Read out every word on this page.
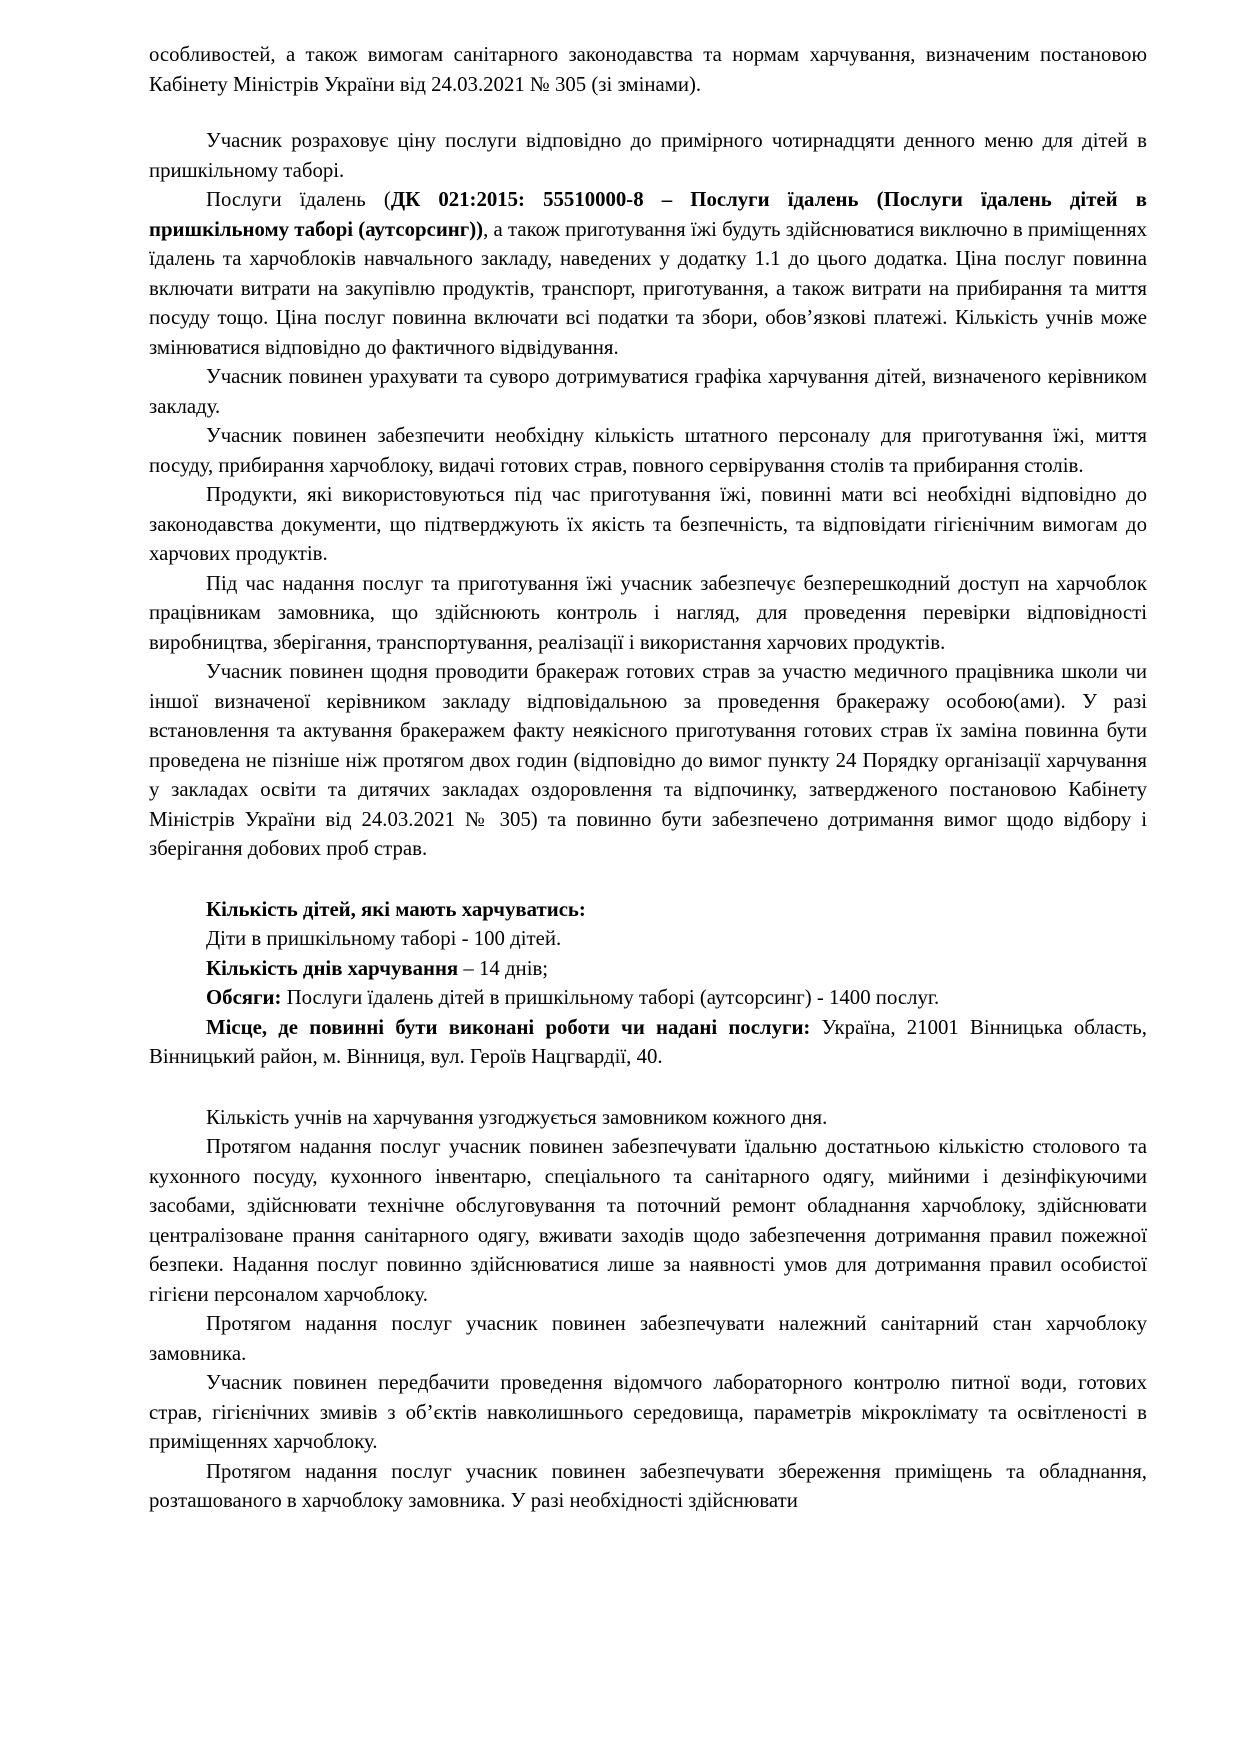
особливостей, а також вимогам санітарного законодавства та нормам харчування, визначеним постановою Кабінету Міністрів України від 24.03.2021 № 305 (зі змінами).

Учасник розраховує ціну послуги відповідно до примірного чотирнадцяти денного меню для дітей в пришкільному таборі.

Послуги їдалень (ДК 021:2015: 55510000-8 – Послуги їдалень (Послуги їдалень дітей в пришкільному таборі (аутсорсинг)), а також приготування їжі будуть здійснюватися виключно в приміщеннях їдалень та харчоблоків навчального закладу, наведених у додатку 1.1 до цього додатка. Ціна послуг повинна включати витрати на закупівлю продуктів, транспорт, приготування, а також витрати на прибирання та миття посуду тощо. Ціна послуг повинна включати всі податки та збори, обов’язкові платежі. Кількість учнів може змінюватися відповідно до фактичного відвідування.

Учасник повинен урахувати та суворо дотримуватися графіка харчування дітей, визначеного керівником закладу.

Учасник повинен забезпечити необхідну кількість штатного персоналу для приготування їжі, миття посуду, прибирання харчоблоку, видачі готових страв, повного сервірування столів та прибирання столів.

Продукти, які використовуються під час приготування їжі, повинні мати всі необхідні відповідно до законодавства документи, що підтверджують їх якість та безпечність, та відповідати гігієнічним вимогам до харчових продуктів.

Під час надання послуг та приготування їжі учасник забезпечує безперешкодний доступ на харчоблок працівникам замовника, що здійснюють контроль і нагляд, для проведення перевірки відповідності виробництва, зберігання, транспортування, реалізації і використання харчових продуктів.

Учасник повинен щодня проводити бракераж готових страв за участю медичного працівника школи чи іншої визначеної керівником закладу відповідальною за проведення бракеражу особою(ами). У разі встановлення та актування бракеражем факту неякісного приготування готових страв їх заміна повинна бути проведена не пізніше ніж протягом двох годин (відповідно до вимог пункту 24 Порядку організації харчування у закладах освіти та дитячих закладах оздоровлення та відпочинку, затвердженого постановою Кабінету Міністрів України від 24.03.2021 № 305) та повинно бути забезпечено дотримання вимог щодо відбору і зберігання добових проб страв.

Кількість дітей, які мають харчуватись:

Діти в пришкільному таборі - 100 дітей.

Кількість днів харчування – 14 днів;

Обсяги: Послуги їдалень дітей в пришкільному таборі (аутсорсинг) - 1400 послуг.

Місце, де повинні бути виконані роботи чи надані послуги: Україна, 21001 Вінницька область, Вінницький район, м. Вінниця, вул. Героїв Нацгвардії, 40.

Кількість учнів на харчування узгоджується замовником кожного дня.

Протягом надання послуг учасник повинен забезпечувати їдальню достатньою кількістю столового та кухонного посуду, кухонного інвентарю, спеціального та санітарного одягу, мийними і дезінфікуючими засобами, здійснювати технічне обслуговування та поточний ремонт обладнання харчоблоку, здійснювати централізоване прання санітарного одягу, вживати заходів щодо забезпечення дотримання правил пожежної безпеки. Надання послуг повинно здійснюватися лише за наявності умов для дотримання правил особистої гігієни персоналом харчоблоку.

Протягом надання послуг учасник повинен забезпечувати належний санітарний стан харчоблоку замовника.

Учасник повинен передбачити проведення відомчого лабораторного контролю питної води, готових страв, гігієнічних змивів з об’єктів навколишнього середовища, параметрів мікроклімату та освітленості в приміщеннях харчоблоку.

Протягом надання послуг учасник повинен забезпечувати збереження приміщень та обладнання, розташованого в харчоблоку замовника. У разі необхідності здійснювати
